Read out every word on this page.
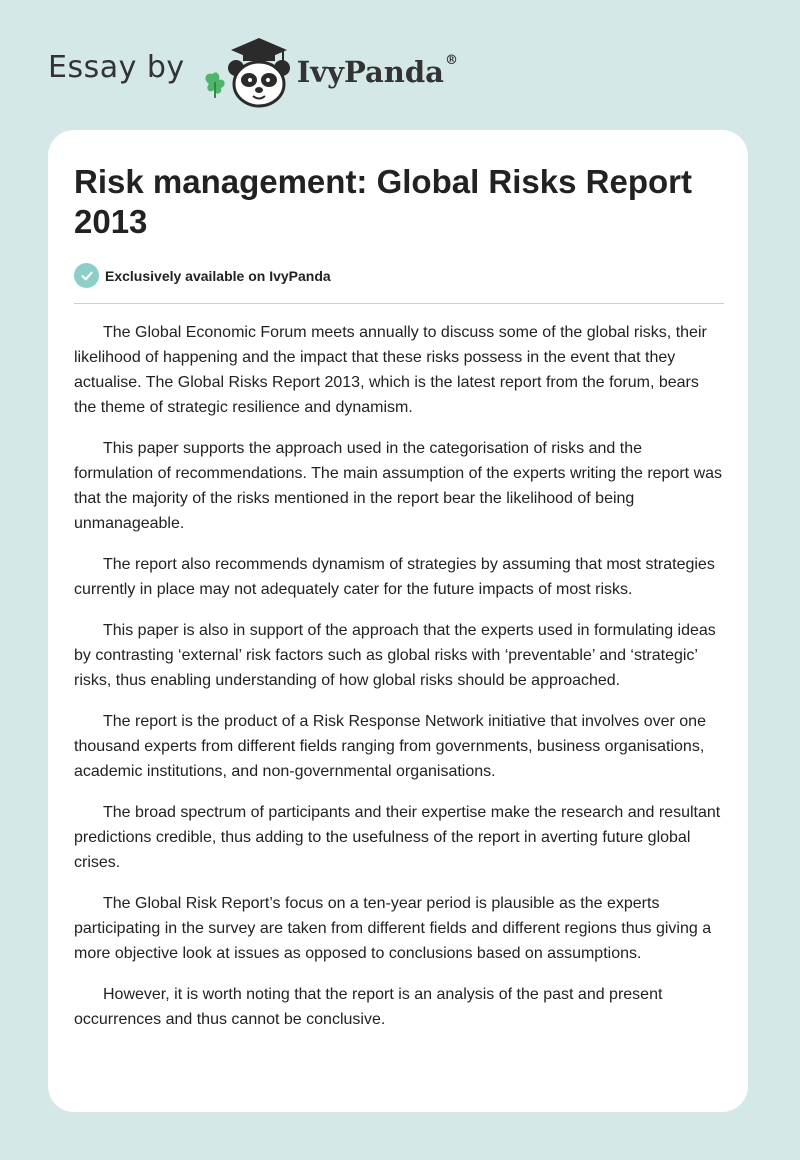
Essay by	IvyPanda®
Risk management: Global Risks Report 2013
Exclusively available on IvyPanda

The Global Economic Forum meets annually to discuss some of the global risks, their likelihood of happening and the impact that these risks possess in the event that they actualise. The Global Risks Report 2013, which is the latest report from the forum, bears the theme of strategic resilience and dynamism.

This paper supports the approach used in the categorisation of risks and the formulation of recommendations. The main assumption of the experts writing the report was that the majority of the risks mentioned in the report bear the likelihood of being unmanageable.

The report also recommends dynamism of strategies by assuming that most strategies currently in place may not adequately cater for the future impacts of most risks.

This paper is also in support of the approach that the experts used in formulating ideas by contrasting ‘external’ risk factors such as global risks with ‘preventable’ and ‘strategic’ risks, thus enabling understanding of how global risks should be approached.

The report is the product of a Risk Response Network initiative that involves over one thousand experts from different fields ranging from governments, business organisations, academic institutions, and non-governmental organisations.

The broad spectrum of participants and their expertise make the research and resultant predictions credible, thus adding to the usefulness of the report in averting future global crises.

The Global Risk Report’s focus on a ten-year period is plausible as the experts participating in the survey are taken from different fields and different regions thus giving a more objective look at issues as opposed to conclusions based on assumptions.

However, it is worth noting that the report is an analysis of the past and present occurrences and thus cannot be conclusive.
